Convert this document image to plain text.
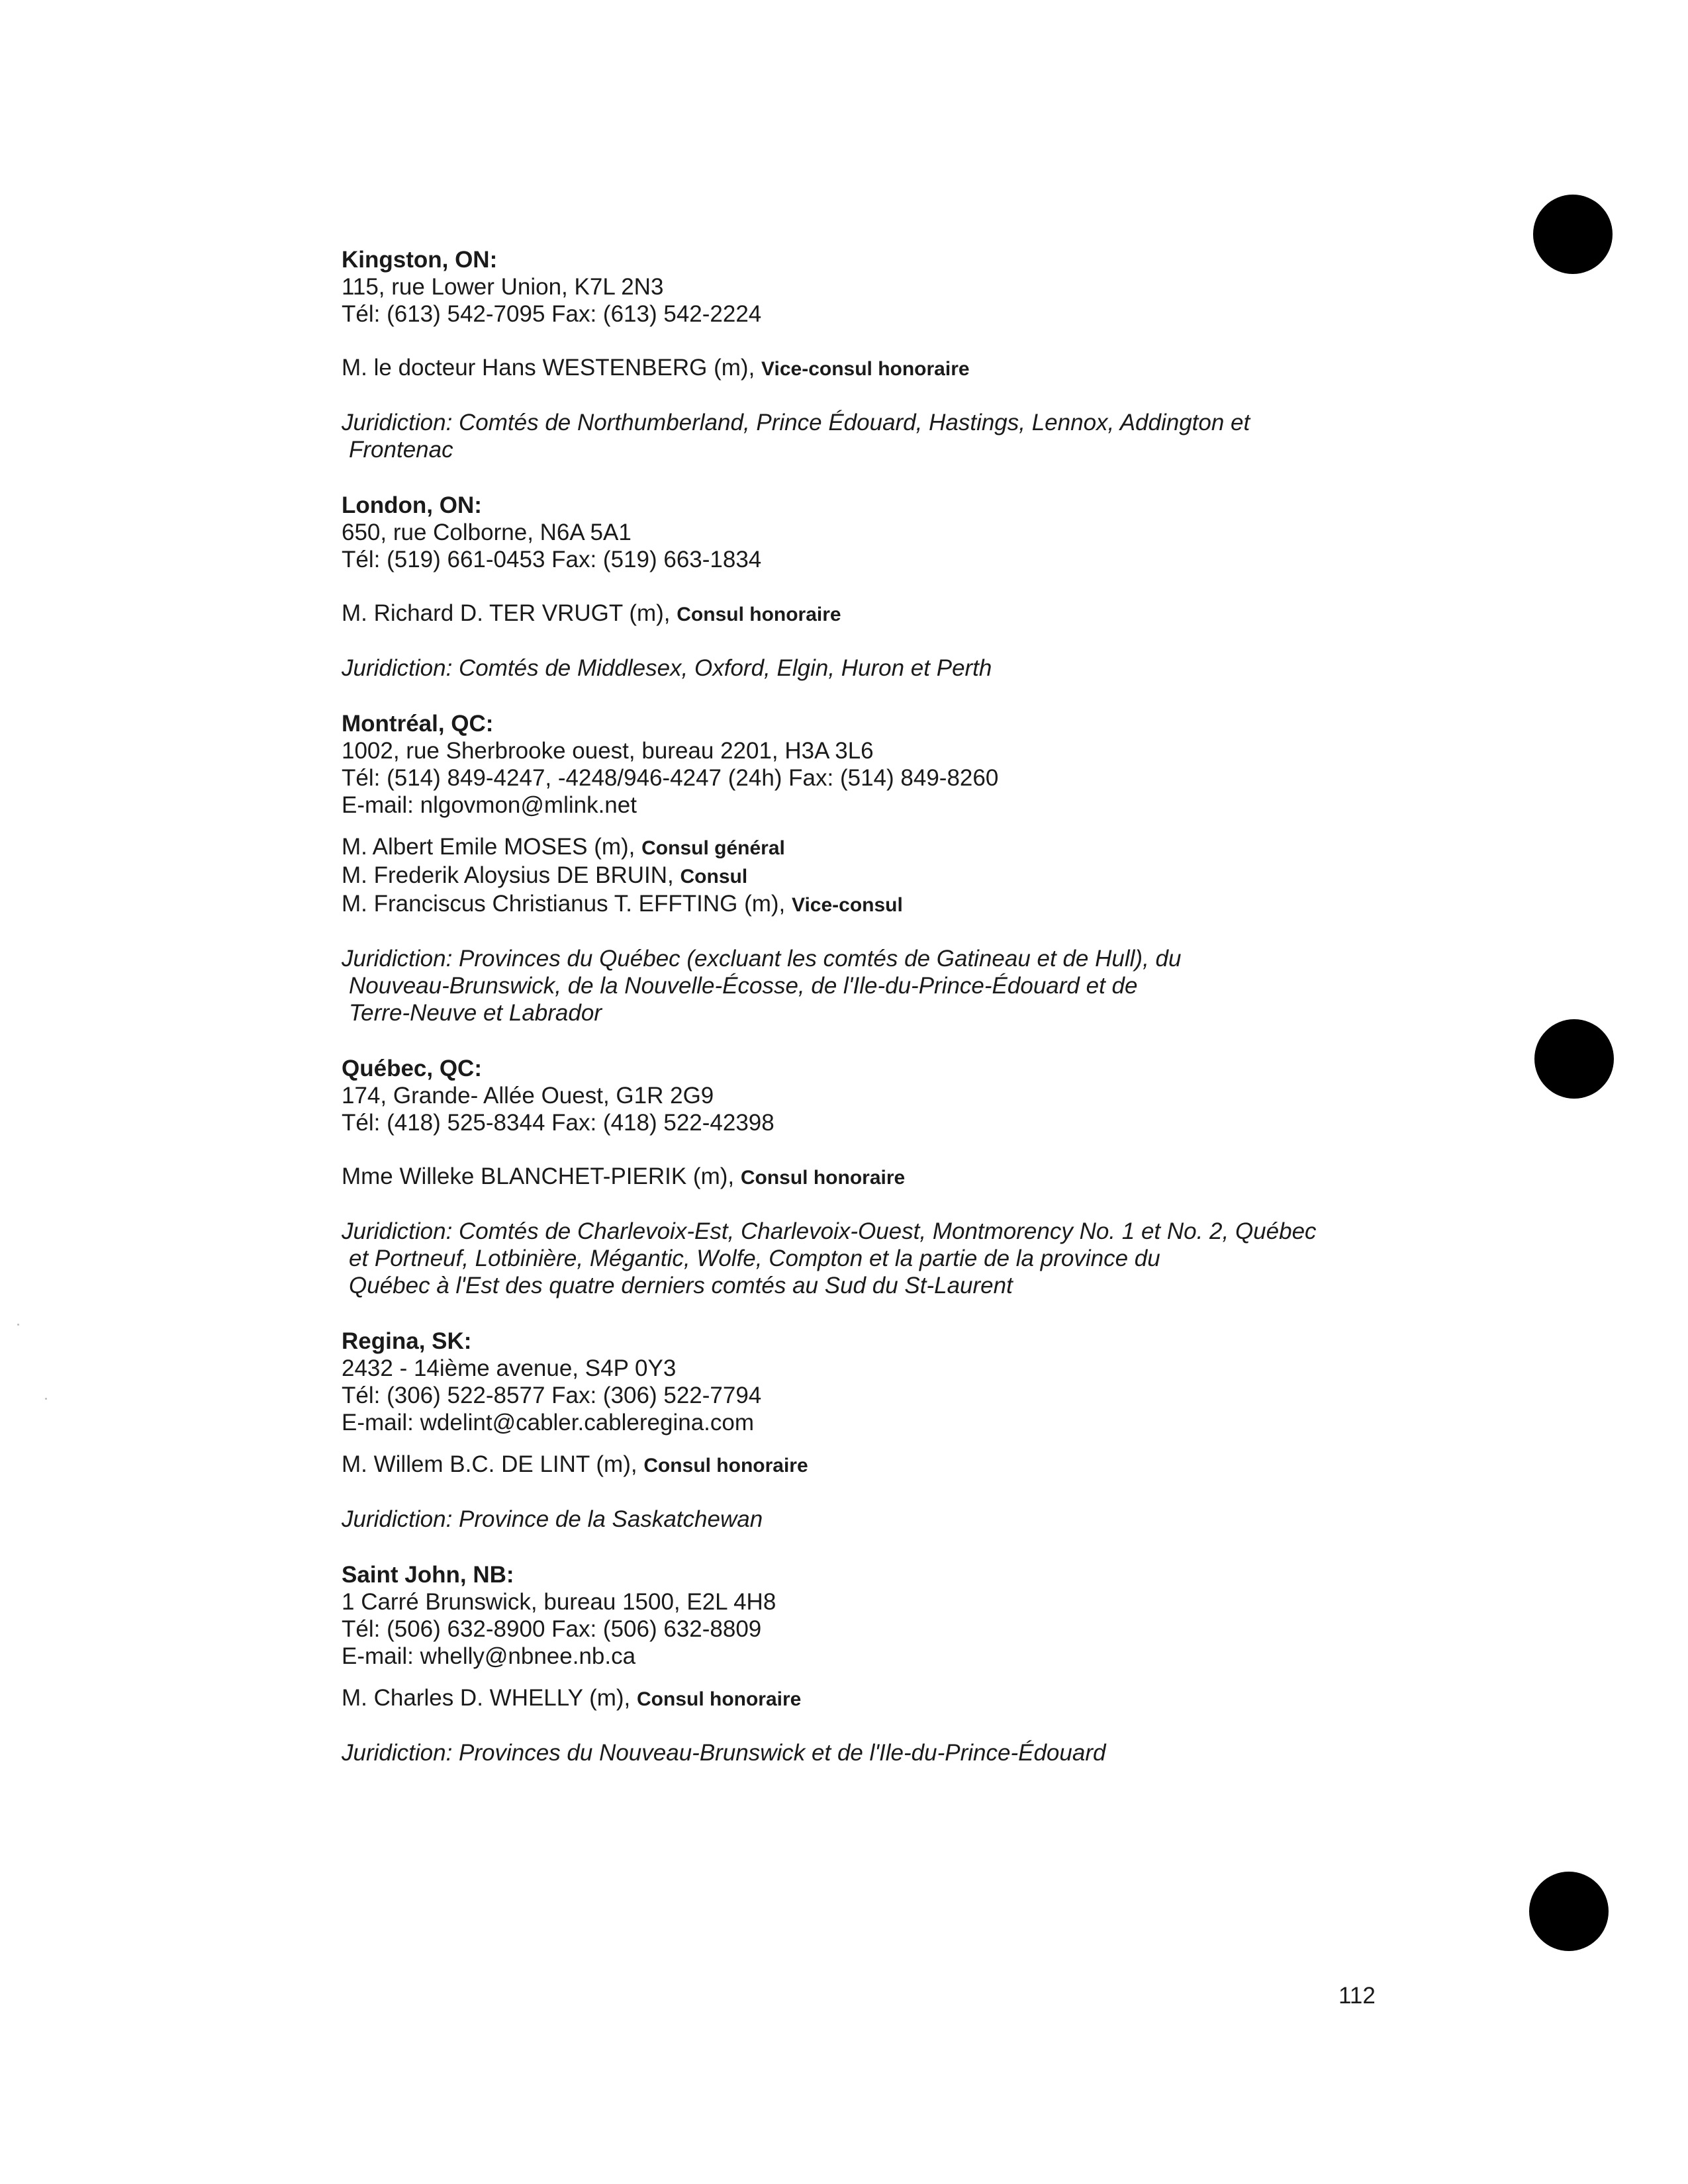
Kingston, ON:

115, rue Lower Union, K7L 2N3

Tél: (613) 542-7095 Fax: (613) 542-2224

M. le docteur Hans WESTENBERG (m), Vice-consul honoraire

Juridiction: Comtés de Northumberland, Prince Édouard, Hastings, Lennox, Addington et

Frontenac

London, ON:

650, rue Colborne, N6A 5A1

Tél: (519) 661-0453 Fax: (519) 663-1834

M. Richard D. TER VRUGT (m), Consul honoraire

Juridiction: Comtés de Middlesex, Oxford, Elgin, Huron et Perth

Montréal, QC:

1002, rue Sherbrooke ouest, bureau 2201, H3A 3L6

Tél: (514) 849-4247, -4248/946-4247 (24h) Fax: (514) 849-8260

E-mail: nlgovmon@mlink.net

M. Albert Emile MOSES (m), Consul général

M. Frederik Aloysius DE BRUIN, Consul

M. Franciscus Christianus T. EFFTING (m), Vice-consul

Juridiction: Provinces du Québec (excluant les comtés de Gatineau et de Hull), du

Nouveau-Brunswick, de la Nouvelle-Écosse, de l'Ile-du-Prince-Édouard et de

Terre-Neuve et Labrador

Québec, QC:

174, Grande- Allée Ouest, G1R 2G9

Tél: (418) 525-8344 Fax: (418) 522-42398

Mme Willeke BLANCHET-PIERIK (m), Consul honoraire

Juridiction: Comtés de Charlevoix-Est, Charlevoix-Ouest, Montmorency No. 1 et No. 2, Québec

et Portneuf, Lotbinière, Mégantic, Wolfe, Compton et la partie de la province du

Québec à l'Est des quatre derniers comtés au Sud du St-Laurent

Regina, SK:

2432 - 14ième avenue, S4P 0Y3

Tél: (306) 522-8577 Fax: (306) 522-7794

E-mail: wdelint@cabler.cableregina.com

M. Willem B.C. DE LINT (m), Consul honoraire

Juridiction: Province de la Saskatchewan

Saint John, NB:

1 Carré Brunswick, bureau 1500, E2L 4H8

Tél: (506) 632-8900 Fax: (506) 632-8809

E-mail: whelly@nbnee.nb.ca

M. Charles D. WHELLY (m), Consul honoraire

Juridiction: Provinces du Nouveau-Brunswick et de l'Ile-du-Prince-Édouard

112
